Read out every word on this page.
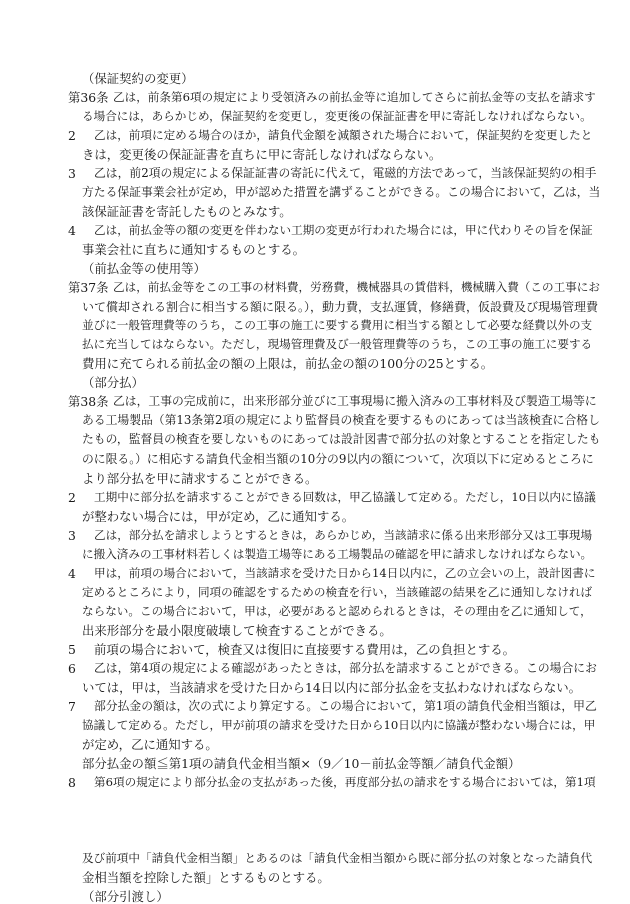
（保証契約の変更）
第36条 乙は，前条第6項の規定により受領済みの前払金等に追加してさらに前払金等の支払を請求す
る場合には，あらかじめ，保証契約を変更し，変更後の保証証書を甲に寄託しなければならない。
2 乙は，前項に定める場合のほか，請負代金額を減額された場合において，保証契約を変更したと
きは，変更後の保証証書を直ちに甲に寄託しなければならない。
3 乙は，前2項の規定による保証証書の寄託に代えて，電磁的方法であって，当該保証契約の相手
方たる保証事業会社が定め，甲が認めた措置を講ずることができる。この場合において，乙は，当
該保証証書を寄託したものとみなす。
4 乙は，前払金等の額の変更を伴わない工期の変更が行われた場合には，甲に代わりその旨を保証
事業会社に直ちに通知するものとする。
（前払金等の使用等）
第37条 乙は，前払金等をこの工事の材料費，労務費，機械器具の賃借料，機械購入費（この工事にお
いて償却される割合に相当する額に限る。），動力費，支払運賃，修繕費，仮設費及び現場管理費
並びに一般管理費等のうち，この工事の施工に要する費用に相当する額として必要な経費以外の支
払に充当してはならない。ただし，現場管理費及び一般管理費等のうち，この工事の施工に要する
費用に充てられる前払金の額の上限は，前払金の額の100分の25とする。
（部分払）
第38条 乙は，工事の完成前に，出来形部分並びに工事現場に搬入済みの工事材料及び製造工場等に
ある工場製品（第13条第2項の規定により監督員の検査を要するものにあっては当該検査に合格し
たもの，監督員の検査を要しないものにあっては設計図書で部分払の対象とすることを指定したも
のに限る。）に相応する請負代金相当額の10分の9以内の額について，次項以下に定めるところに
より部分払を甲に請求することができる。
2 工期中に部分払を請求することができる回数は，甲乙協議して定める。ただし，10日以内に協議
が整わない場合には，甲が定め，乙に通知する。
3 乙は，部分払を請求しようとするときは，あらかじめ，当該請求に係る出来形部分又は工事現場
に搬入済みの工事材料若しくは製造工場等にある工場製品の確認を甲に請求しなければならない。
4 甲は，前項の場合において，当該請求を受けた日から14日以内に，乙の立会いの上，設計図書に
定めるところにより，同項の確認をするための検査を行い，当該確認の結果を乙に通知しなければ
ならない。この場合において，甲は，必要があると認められるときは，その理由を乙に通知して，
出来形部分を最小限度破壊して検査することができる。
5 前項の場合において，検査又は復旧に直接要する費用は，乙の負担とする。
6 乙は，第4項の規定による確認があったときは，部分払を請求することができる。この場合にお
いては，甲は，当該請求を受けた日から14日以内に部分払金を支払わなければならない。
7 部分払金の額は，次の式により算定する。この場合において，第1項の請負代金相当額は，甲乙
協議して定める。ただし，甲が前項の請求を受けた日から10日以内に協議が整わない場合には，甲
が定め，乙に通知する。
部分払金の額≦第1項の請負代金相当額×（9／10－前払金等額／請負代金額）
8 第6項の規定により部分払金の支払があった後，再度部分払の請求をする場合においては，第1項
及び前項中「請負代金相当額」とあるのは「請負代金相当額から既に部分払の対象となった請負代
金相当額を控除した額」とするものとする。
（部分引渡し）
